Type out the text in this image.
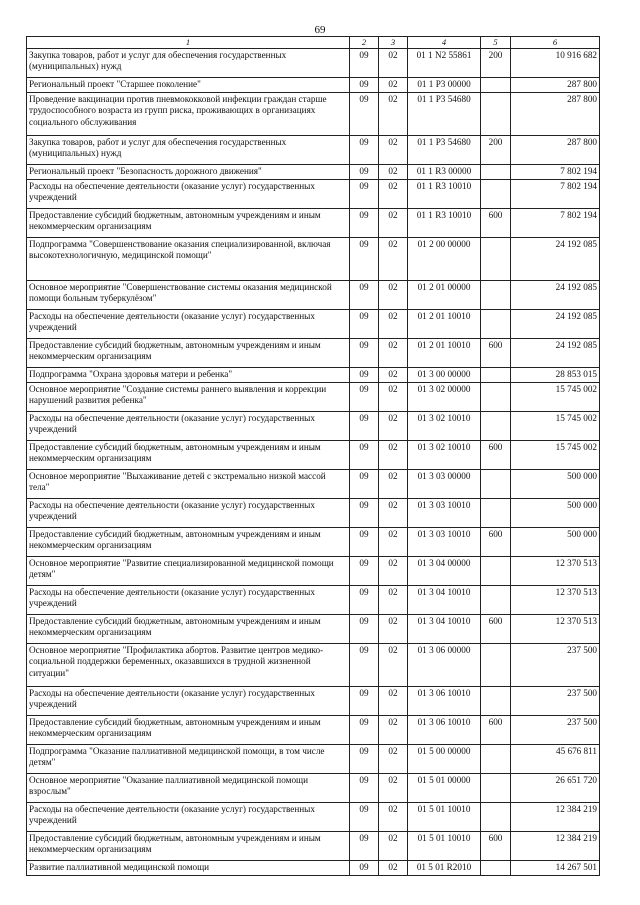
69
1	2	3	4	5	6
Закупка товаров, работ и услуг для обеспечения государственных (муниципальных) нужд	09	02	01 1 N2 55861	200	10 916 682
Региональный проект "Старшее поколение"	09	02	01 1 P3 00000		287 800
Проведение вакцинации против пневмококковой инфекции граждан старше трудоспособного возраста из групп риска, проживающих в организациях социального обслуживания	09	02	01 1 P3 54680		287 800
Закупка товаров, работ и услуг для обеспечения государственных (муниципальных) нужд	09	02	01 1 P3 54680	200	287 800
Региональный проект "Безопасность дорожного движения"	09	02	01 1 R3 00000		7 802 194
Расходы на обеспечение деятельности (оказание услуг) государственных учреждений	09	02	01 1 R3 10010		7 802 194
Предоставление субсидий бюджетным, автономным учреждениям и иным некоммерческим организациям	09	02	01 1 R3 10010	600	7 802 194
Подпрограмма "Совершенствование оказания специализированной, включая высокотехнологичную, медицинской помощи"	09	02	01 2 00 00000		24 192 085
Основное мероприятие "Совершенствование системы оказания медицинской помощи больным туберкулёзом"	09	02	01 2 01 00000		24 192 085
Расходы на обеспечение деятельности (оказание услуг) государственных учреждений	09	02	01 2 01 10010		24 192 085
Предоставление субсидий бюджетным, автономным учреждениям и иным некоммерческим организациям	09	02	01 2 01 10010	600	24 192 085
Подпрограмма "Охрана здоровья матери и ребенка"	09	02	01 3 00 00000		28 853 015
Основное мероприятие "Создание системы раннего выявления и коррекции нарушений развития ребенка"	09	02	01 3 02 00000		15 745 002
Расходы на обеспечение деятельности (оказание услуг) государственных учреждений	09	02	01 3 02 10010		15 745 002
Предоставление субсидий бюджетным, автономным учреждениям и иным некоммерческим организациям	09	02	01 3 02 10010	600	15 745 002
Основное мероприятие "Выхаживание детей с экстремально низкой массой тела"	09	02	01 3 03 00000		500 000
Расходы на обеспечение деятельности (оказание услуг) государственных учреждений	09	02	01 3 03 10010		500 000
Предоставление субсидий бюджетным, автономным учреждениям и иным некоммерческим организациям	09	02	01 3 03 10010	600	500 000
Основное мероприятие "Развитие специализированной медицинской помощи детям"	09	02	01 3 04 00000		12 370 513
Расходы на обеспечение деятельности (оказание услуг) государственных учреждений	09	02	01 3 04 10010		12 370 513
Предоставление субсидий бюджетным, автономным учреждениям и иным некоммерческим организациям	09	02	01 3 04 10010	600	12 370 513
Основное мероприятие "Профилактика абортов. Развитие центров медико-социальной поддержки беременных, оказавшихся в трудной жизненной ситуации"	09	02	01 3 06 00000		237 500
Расходы на обеспечение деятельности (оказание услуг) государственных учреждений	09	02	01 3 06 10010		237 500
Предоставление субсидий бюджетным, автономным учреждениям и иным некоммерческим организациям	09	02	01 3 06 10010	600	237 500
Подпрограмма "Оказание паллиативной медицинской помощи, в том числе детям"	09	02	01 5 00 00000		45 676 811
Основное мероприятие "Оказание паллиативной медицинской помощи взрослым"	09	02	01 5 01 00000		26 651 720
Расходы на обеспечение деятельности (оказание услуг) государственных учреждений	09	02	01 5 01 10010		12 384 219
Предоставление субсидий бюджетным, автономным учреждениям и иным некоммерческим организациям	09	02	01 5 01 10010	600	12 384 219
Развитие паллиативной медицинской помощи	09	02	01 5 01 R2010		14 267 501
